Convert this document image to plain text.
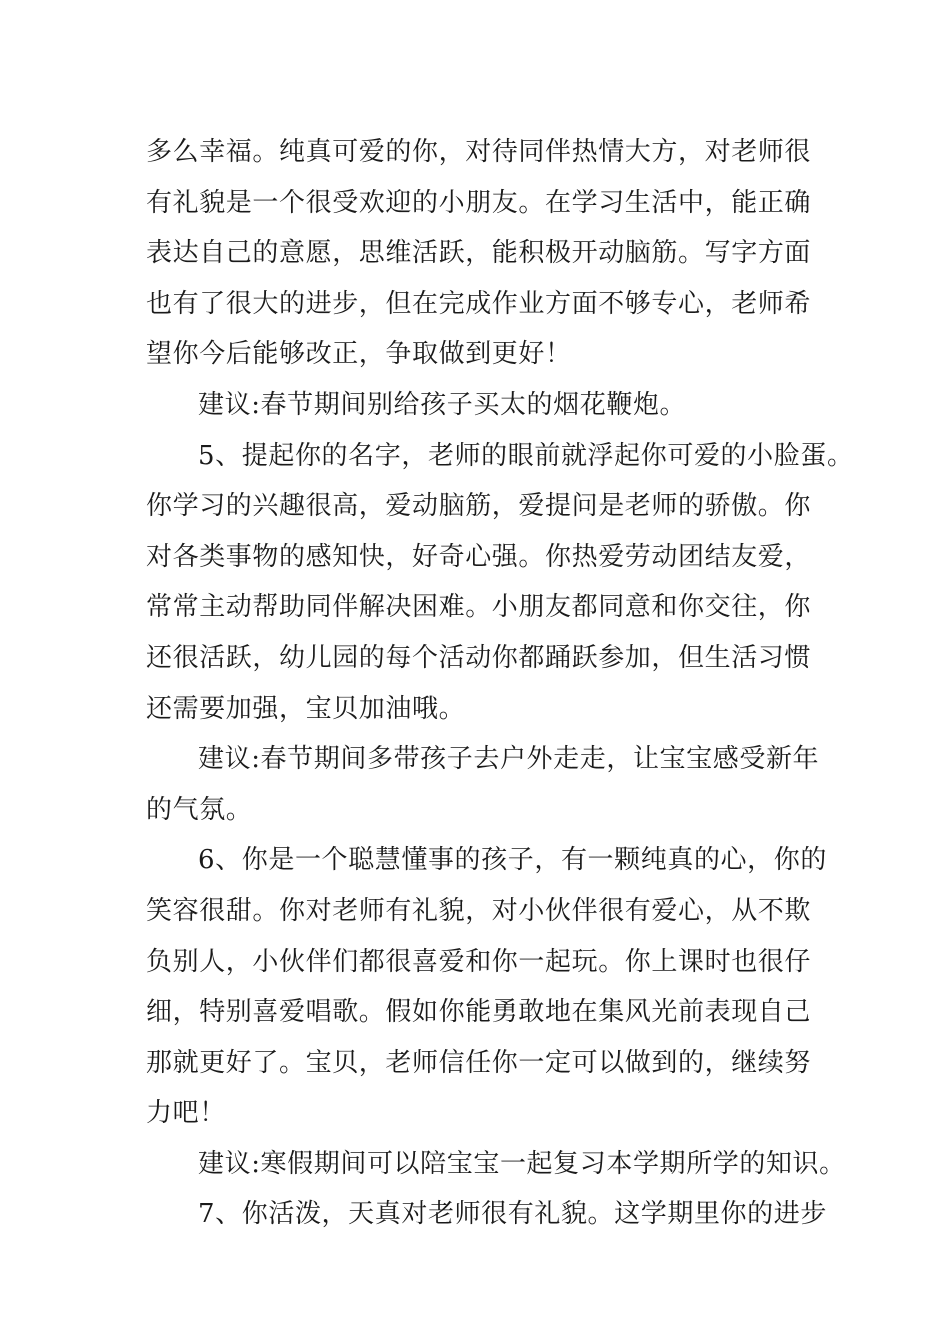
多么幸福。纯真可爱的你，对待同伴热情大方，对老师很
有礼貌是一个很受欢迎的小朋友。在学习生活中，能正确
表达自己的意愿，思维活跃，能积极开动脑筋。写字方面
也有了很大的进步，但在完成作业方面不够专心，老师希
望你今后能够改正，争取做到更好！
建议:春节期间别给孩子买太的烟花鞭炮。
5、提起你的名字，老师的眼前就浮起你可爱的小脸蛋。
你学习的兴趣很高，爱动脑筋，爱提问是老师的骄傲。你
对各类事物的感知快，好奇心强。你热爱劳动团结友爱，
常常主动帮助同伴解决困难。小朋友都同意和你交往，你
还很活跃，幼儿园的每个活动你都踊跃参加，但生活习惯
还需要加强，宝贝加油哦。
建议:春节期间多带孩子去户外走走，让宝宝感受新年
的气氛。
6、你是一个聪慧懂事的孩子，有一颗纯真的心，你的
笑容很甜。你对老师有礼貌，对小伙伴很有爱心，从不欺
负别人，小伙伴们都很喜爱和你一起玩。你上课时也很仔
细，特别喜爱唱歌。假如你能勇敢地在集风光前表现自己
那就更好了。宝贝，老师信任你一定可以做到的，继续努
力吧！
建议:寒假期间可以陪宝宝一起复习本学期所学的知识。
7、你活泼，天真对老师很有礼貌。这学期里你的进步
